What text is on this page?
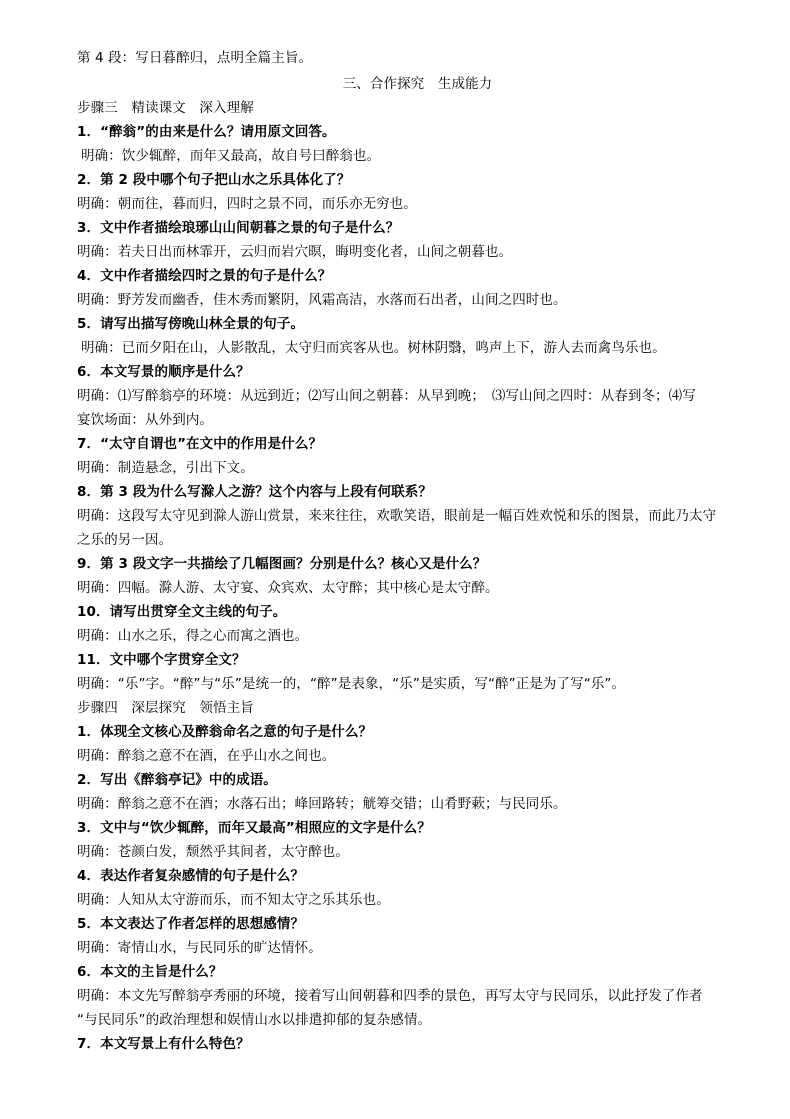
第 4 段：写日暮醉归，点明全篇主旨。
三、合作探究　生成能力
步骤三　精读课文　深入理解
1．“醉翁”的由来是什么？请用原文回答。
明确：饮少辄醉，而年又最高，故自号曰醉翁也。
2．第 2 段中哪个句子把山水之乐具体化了？
明确：朝而往，暮而归，四时之景不同，而乐亦无穷也。
3．文中作者描绘琅琊山山间朝暮之景的句子是什么？
明确：若夫日出而林霏开，云归而岩穴暝，晦明变化者，山间之朝暮也。
4．文中作者描绘四时之景的句子是什么？
明确：野芳发而幽香，佳木秀而繁阴，风霜高洁，水落而石出者，山间之四时也。
5．请写出描写傍晚山林全景的句子。
明确：已而夕阳在山，人影散乱，太守归而宾客从也。树林阴翳，鸣声上下，游人去而禽鸟乐也。
6．本文写景的顺序是什么？
明确：⑴写醉翁亭的环境：从远到近；⑵写山间之朝暮：从早到晚；　⑶写山间之四时：从春到冬；⑷写
宴饮场面：从外到内。
7．“太守自谓也”在文中的作用是什么？
明确：制造悬念，引出下文。
8．第 3 段为什么写滁人之游？这个内容与上段有何联系？
明确：这段写太守见到滁人游山赏景，来来往往，欢歌笑语，眼前是一幅百姓欢悦和乐的图景，而此乃太守
之乐的另一因。
9．第 3 段文字一共描绘了几幅图画？分别是什么？核心又是什么？
明确：四幅。滁人游、太守宴、众宾欢、太守醉；其中核心是太守醉。
10．请写出贯穿全文主线的句子。
明确：山水之乐，得之心而寓之酒也。
11．文中哪个字贯穿全文？
明确：“乐”字。“醉”与“乐”是统一的，“醉”是表象，“乐”是实质，写“醉”正是为了写“乐”。
步骤四　深层探究　领悟主旨
1．体现全文核心及醉翁命名之意的句子是什么？
明确：醉翁之意不在酒，在乎山水之间也。
2．写出《醉翁亭记》中的成语。
明确：醉翁之意不在酒；水落石出；峰回路转；觥筹交错；山肴野蔌；与民同乐。
3．文中与“饮少辄醉，而年又最高”相照应的文字是什么？
明确：苍颜白发，颓然乎其间者，太守醉也。
4．表达作者复杂感情的句子是什么？
明确：人知从太守游而乐，而不知太守之乐其乐也。
5．本文表达了作者怎样的思想感情？
明确：寄情山水，与民同乐的旷达情怀。
6．本文的主旨是什么？
明确：本文先写醉翁亭秀丽的环境，接着写山间朝暮和四季的景色，再写太守与民同乐，以此抒发了作者
“与民同乐”的政治理想和娱情山水以排遣抑郁的复杂感情。
7．本文写景上有什么特色？
